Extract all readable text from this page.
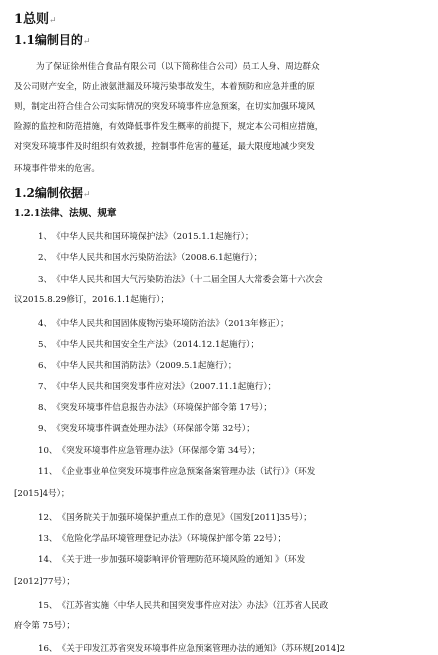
1总则↵
1.1编制目的↵
为了保证徐州佳合食品有限公司（以下简称佳合公司）员工人身、周边群众
及公司财产安全，防止液氨泄漏及环境污染事故发生，本着预防和应急并重的原
则，制定出符合佳合公司实际情况的突发环境事件应急预案，在切实加强环境风
险源的监控和防范措施，有效降低事件发生概率的前提下，规定本公司相应措施，
对突发环境事件及时组织有效救援，控制事件危害的蔓延，最大限度地减少突发
环境事件带来的危害。
1.2编制依据↵
1.2.1法律、法规、规章
1、《中华人民共和国环境保护法》（2015.1.1起施行）；
2、《中华人民共和国水污染防治法》（2008.6.1起施行）；
3、《中华人民共和国大气污染防治法》（十二届全国人大常委会第十六次会
议2015.8.29修订，2016.1.1起施行）；
4、《中华人民共和国固体废物污染环境防治法》（2013年修正）；
5、《中华人民共和国安全生产法》（2014.12.1起施行）；
6、《中华人民共和国消防法》（2009.5.1起施行）；
7、《中华人民共和国突发事件应对法》（2007.11.1起施行）；
8、《突发环境事件信息报告办法》（环境保护部令第 17号）；
9、《突发环境事件调查处理办法》（环保部令第 32号）；
10、《突发环境事件应急管理办法》（环保部令第 34号）；
11、《企业事业单位突发环境事件应急预案备案管理办法（试行）》（环发
[2015]4号）；
12、《国务院关于加强环境保护重点工作的意见》（国发[2011]35号）；
13、《危险化学品环境管理登记办法》（环境保护部令第 22号）；
14、《关于进一步加强环境影响评价管理防范环境风险的通知 》（环发
[2012]77号）；
15、《江苏省实施〈中华人民共和国突发事件应对法〉办法》（江苏省人民政
府令第 75号）；
16、《关于印发江苏省突发环境事件应急预案管理办法的通知》（苏环规[2014]2
